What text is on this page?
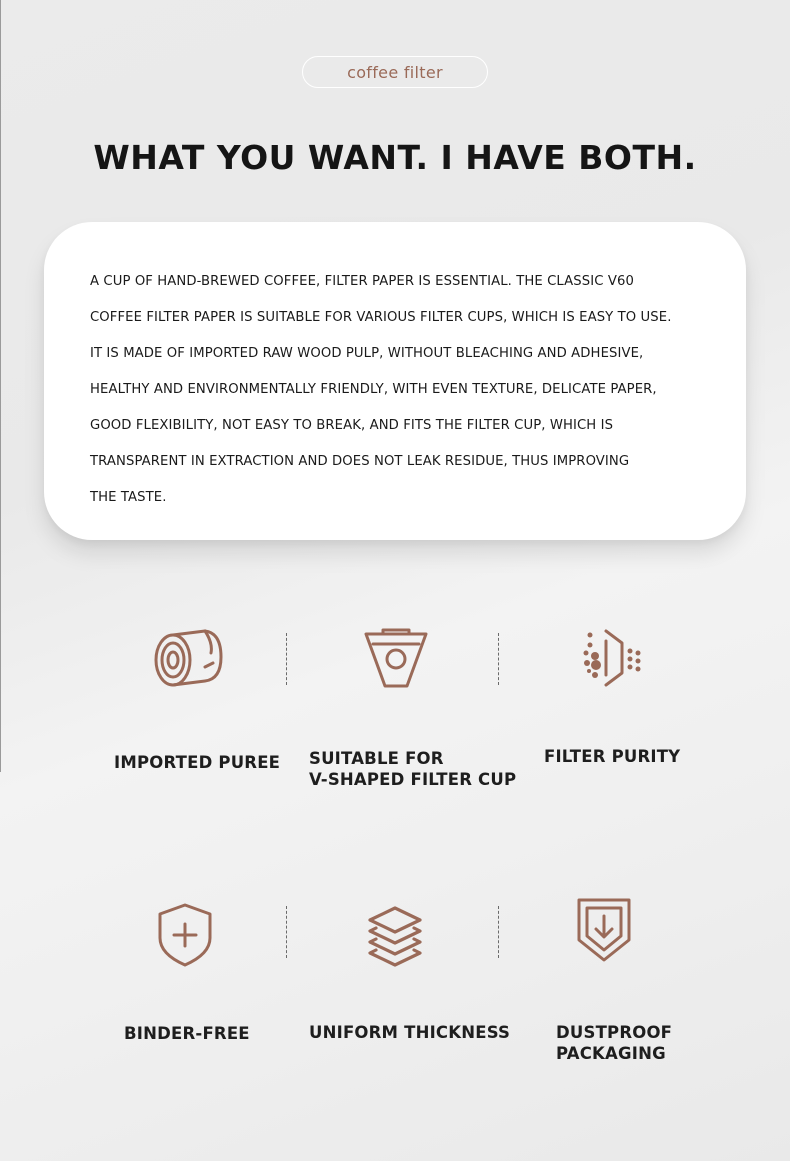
coffee filter
WHAT YOU WANT. I HAVE BOTH.
A CUP OF HAND-BREWED COFFEE, FILTER PAPER IS ESSENTIAL. THE CLASSIC V60
COFFEE FILTER PAPER IS SUITABLE FOR VARIOUS FILTER CUPS, WHICH IS EASY TO USE.
IT IS MADE OF IMPORTED RAW WOOD PULP, WITHOUT BLEACHING AND ADHESIVE,
HEALTHY AND ENVIRONMENTALLY FRIENDLY, WITH EVEN TEXTURE, DELICATE PAPER,
GOOD FLEXIBILITY, NOT EASY TO BREAK, AND FITS THE FILTER CUP, WHICH IS
TRANSPARENT IN EXTRACTION AND DOES NOT LEAK RESIDUE, THUS IMPROVING
THE TASTE.
IMPORTED PUREE SUITABLE FOR
V-SHAPED FILTER CUP
FILTER PURITY
BINDER-FREE	UNIFORM THICKNESS	DUSTPROOF
PACKAGING
